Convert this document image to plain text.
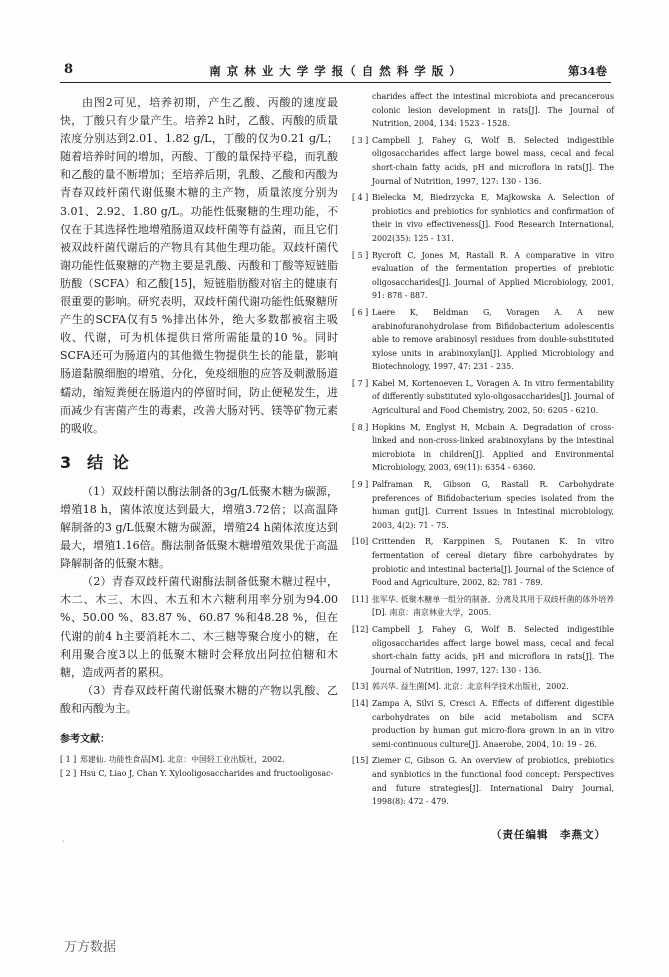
8	南 京 林 业 大 学 学 报（ 自 然 科 学 版 ）	第34卷

由图2可见，培养初期，产生乙酸、丙酸的速度最快，丁酸只有少量产生。培养2 h时，乙酸、丙酸的质量浓度分别达到2.01、1.82 g/L，丁酸的仅为0.21 g/L；随着培养时间的增加，丙酸、丁酸的量保持平稳，而乳酸和乙酸的量不断增加；至培养后期，乳酸、乙酸和丙酸为青春双歧杆菌代谢低聚木糖的主产物，质量浓度分别为3.01、2.92、1.80 g/L。功能性低聚糖的生理功能，不仅在于其选择性地增殖肠道双歧杆菌等有益菌，而且它们被双歧杆菌代谢后的产物具有其他生理功能。双歧杆菌代谢功能性低聚糖的产物主要是乳酸、丙酸和丁酸等短链脂肪酸（SCFA）和乙酸[15]，短链脂肪酸对宿主的健康有很重要的影响。研究表明，双歧杆菌代谢功能性低聚糖所产生的SCFA仅有5 %排出体外，绝大多数都被宿主吸收、代谢，可为机体提供日常所需能量的10 %。同时SCFA还可为肠道内的其他微生物提供生长的能量，影响肠道黏膜细胞的增殖、分化，免疫细胞的应答及刺激肠道蠕动，缩短粪便在肠道内的停留时间，防止便秘发生，进而减少有害菌产生的毒素，改善大肠对钙、镁等矿物元素的吸收。

3 结 论

（1）双歧杆菌以酶法制备的3g/L低聚木糖为碳源，增殖18 h，菌体浓度达到最大，增殖3.72倍；以高温降解制备的3 g/L低聚木糖为碳源，增殖24 h菌体浓度达到最大，增殖1.16倍。酶法制备低聚木糖增殖效果优于高温降解制备的低聚木糖。

（2）青春双歧杆菌代谢酶法制备低聚木糖过程中，木二、木三、木四、木五和木六糖利用率分别为94.00 %、50.00 %、83.87 %、60.87 %和48.28 %，但在代谢的前4 h主要消耗木二、木三糖等聚合度小的糖，在利用聚合度3以上的低聚木糖时会释放出阿拉伯糖和木糖，造成两者的累积。

（3）青春双歧杆菌代谢低聚木糖的产物以乳酸、乙酸和丙酸为主。

参考文献：
[ 1 ] 郑建仙. 功能性食品[M]. 北京：中国轻工业出版社，2002.
[ 2 ] Hsu C, Liao J, Chan Y. Xylooligosaccharides and fructooligosac-
`
charides affect the intestinal microbiota and precancerous colonic lesion development in rats[J]. The Journal of Nutrition, 2004, 134: 1523 - 1528.
[ 3 ] Campbell J, Fahey G, Wolf B. Selected indigestible oligosaccharides affect large bowel mass, cecal and fecal short-chain fatty acids, pH and microflora in rats[J]. The Journal of Nutrition, 1997, 127: 130 - 136.
[ 4 ] Bielecka M, Biedrzycka E, Majkowska A. Selection of probiotics and prebiotics for synbiotics and confirmation of their in vivo effectiveness[J]. Food Research International, 2002(35): 125 - 131.
[ 5 ] Rycroft C, Jones M, Rastall R. A comparative in vitro evaluation of the fermentation properties of prebiotic oligosaccharides[J]. Journal of Applied Microbiology, 2001, 91: 878 - 887.
[ 6 ] Laere K, Beldman G, Voragen A. A new arabinofuranohydrolase from Bifidobacterium adolescentis able to remove arabinosyl residues from double-substituted xylose units in arabinoxylan[J]. Applied Microbiology and Biotechnology, 1997, 47: 231 - 235.
[ 7 ] Kabel M, Kortenoeven L, Voragen A. In vitro fermentability of differently substituted xylo-oligosaccharides[J]. Journal of Agricultural and Food Chemistry, 2002, 50: 6205 - 6210.
[ 8 ] Hopkins M, Englyst H, Mcbain A. Degradation of cross-linked and non-cross-linked arabinoxylans by the intestinal microbiota in children[J]. Applied and Environmental Microbiology, 2003, 69(11): 6354 - 6360.
[ 9 ] Palframan R, Gibson G, Rastall R. Carbohydrate preferences of Bifidobacterium species isolated from the human gut[J]. Current Issues in Intestinal microbiology, 2003, 4(2): 71 - 75.
[10] Crittenden R, Karppinen S, Poutanen K. In vitro fermentation of cereal dietary fibre carbohydrates by probiotic and intestinal bacteria[J]. Journal of the Science of Food and Agriculture, 2002, 82: 781 - 789.
[11] 张军华. 低聚木糖单一组分的制备、分离及其用于双歧杆菌的体外培养[D]. 南京：南京林业大学，2005.
[12] Campbell J, Fahey G, Wolf B. Selected indigestible oligosaccharides affect large bowel mass, cecal and fecal short-chain fatty acids, pH and microflora in rats[J]. The Journal of Nutrition, 1997, 127: 130 - 136.
[13] 郭兴华. 益生菌[M]. 北京：北京科学技术出版社，2002.
[14] Zampa A, Silvi S, Cresci A. Effects of different digestible carbohydrates on bile acid metabolism and SCFA production by human gut micro-flora grown in an in vitro semi-continuous culture[J]. Anaerobe, 2004, 10: 19 - 26.
[15] Ziemer C, Gibson G. An overview of probiotics, prebiotics and synbiotics in the functional food concept: Perspectives and future strategies[J]. International Dairy Journal, 1998(8): 472 - 479.
（责任编辑　李燕文）
万方数据
